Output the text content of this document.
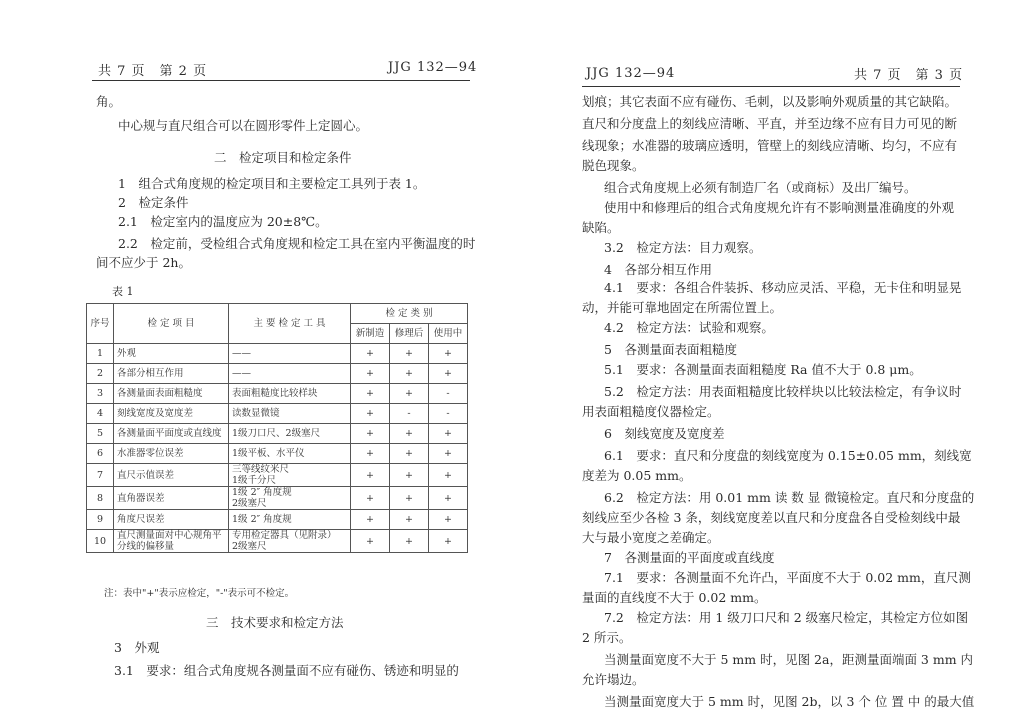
共 7 页　第 2 页	JJG 132—94
角。
中心规与直尺组合可以在圆形零件上定圆心。
二　检定项目和检定条件
1　组合式角度规的检定项目和主要检定工具列于表 1。
2　检定条件
2.1　检定室内的温度应为 20±8℃。
2.2　检定前，受检组合式角度规和检定工具在室内平衡温度的时
间不应少于 2h。
表 1
序号	检 定 项 目	主 要 检 定 工 具	检 定 类 别		
			新制造	修理后	使用中
1	外观	——	+	+	+
2	各部分相互作用	——	+	+	+
3	各测量面表面粗糙度	表面粗糙度比较样块	+	+	-
4	刻线宽度及宽度差	读数显微镜	+	-	-
5	各测量面平面度或直线度	1级刀口尺、2级塞尺	+	+	+
6	水准器零位误差	1级平板、水平仪	+	+	+
7	直尺示值误差	三等线纹米尺
1级千分尺	+	+	+
8	直角器误差	1级 2″ 角度规
2级塞尺	+	+	+
9	角度尺误差	1级 2″ 角度规	+	+	+
10	直尺测量面对中心规角平
分线的偏移量	专用检定器具（见附录）
2级塞尺	+	+	+
注：表中"+"表示应检定，"-"表示可不检定。
三　技术要求和检定方法
3　外观
3.1　要求：组合式角度规各测量面不应有碰伤、锈迹和明显的
JJG 132—94	共 7 页　第 3 页
划痕；其它表面不应有碰伤、毛刺，以及影响外观质量的其它缺陷。
直尺和分度盘上的刻线应清晰、平直，并至边缘不应有目力可见的断
线现象；水准器的玻璃应透明，管壁上的刻线应清晰、均匀，不应有
脱色现象。
组合式角度规上必须有制造厂名（或商标）及出厂编号。
使用中和修理后的组合式角度规允许有不影响测量准确度的外观
缺陷。
3.2　检定方法：目力观察。
4　各部分相互作用
4.1　要求：各组合件装拆、移动应灵活、平稳，无卡住和明显晃
动，并能可靠地固定在所需位置上。
4.2　检定方法：试验和观察。
5　各测量面表面粗糙度
5.1　要求：各测量面表面粗糙度 Ra 值不大于 0.8 μm。
5.2　检定方法：用表面粗糙度比较样块以比较法检定，有争议时
用表面粗糙度仪器检定。
6　刻线宽度及宽度差
6.1　要求：直尺和分度盘的刻线宽度为 0.15±0.05 mm，刻线宽
度差为 0.05 mm。
6.2　检定方法：用 0.01 mm 读 数 显 微镜检定。直尺和分度盘的
刻线应至少各检 3 条，刻线宽度差以直尺和分度盘各自受检刻线中最
大与最小宽度之差确定。
7　各测量面的平面度或直线度
7.1　要求：各测量面不允许凸，平面度不大于 0.02 mm，直尺测
量面的直线度不大于 0.02 mm。
7.2　检定方法：用 1 级刀口尺和 2 级塞尺检定，其检定方位如图
2 所示。
当测量面宽度不大于 5 mm 时，见图 2a，距测量面端面 3 mm 内
允许塌边。
当测量面宽度大于 5 mm 时，见图 2b，以 3 个 位 置 中 的最大值
